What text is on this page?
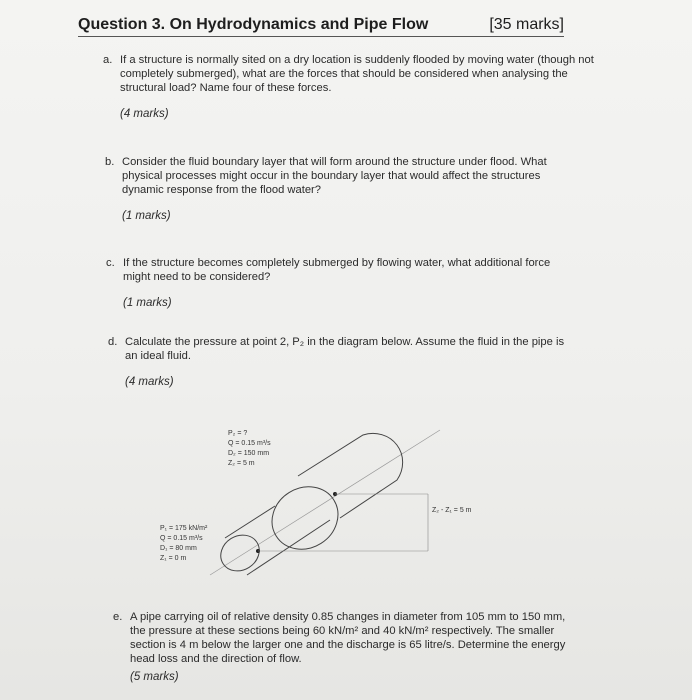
Question 3. On Hydrodynamics and Pipe Flow	[35 marks]
a. If a structure is normally sited on a dry location is suddenly flooded by moving water (though not completely submerged), what are the forces that should be considered when analysing the structural load? Name four of these forces.
(4 marks)
b. Consider the fluid boundary layer that will form around the structure under flood. What physical processes might occur in the boundary layer that would affect the structures dynamic response from the flood water?
(1 marks)
c. If the structure becomes completely submerged by flowing water, what additional force might need to be considered?
(1 marks)
d. Calculate the pressure at point 2, P₂ in the diagram below. Assume the fluid in the pipe is an ideal fluid.
(4 marks)
P₂ = ?
Q = 0.15 m³/s
D₂ = 150 mm
Z₂ = 5 m
P₁ = 175 kN/m²
Q = 0.15 m³/s
D₁ = 80 mm
Z₁ = 0 m
Z₂ - Z₁ = 5 m
e. A pipe carrying oil of relative density 0.85 changes in diameter from 105 mm to 150 mm, the pressure at these sections being 60 kN/m² and 40 kN/m² respectively. The smaller section is 4 m below the larger one and the discharge is 65 litre/s. Determine the energy head loss and the direction of flow.
(5 marks)
